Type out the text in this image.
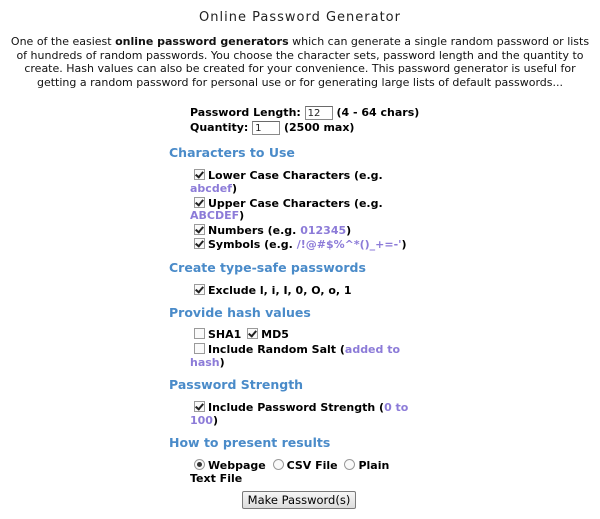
Online Password Generator
One of the easiest online password generators which can generate a single random password or lists of hundreds of random passwords. You choose the character sets, password length and the quantity to create. Hash values can also be created for your convenience. This password generator is useful for getting a random password for personal use or for generating large lists of default passwords...
Password Length: 12	(4 - 64 chars)
Quantity: 1	(2500 max)
Characters to Use
Lower Case Characters (e.g.
abcdef)
Upper Case Characters (e.g.
ABCDEF)
Numbers (e.g. 012345)
Symbols (e.g. /!@#$%^*()_+=-')
Create type-safe passwords
Exclude l, i, I, 0, O, o, 1
Provide hash values
SHA1 MD5
Include Random Salt (added to
hash)
Password Strength
Include Password Strength (0 to
100)
How to present results
Webpage CSV File Plain
Text File
Make Password(s)
